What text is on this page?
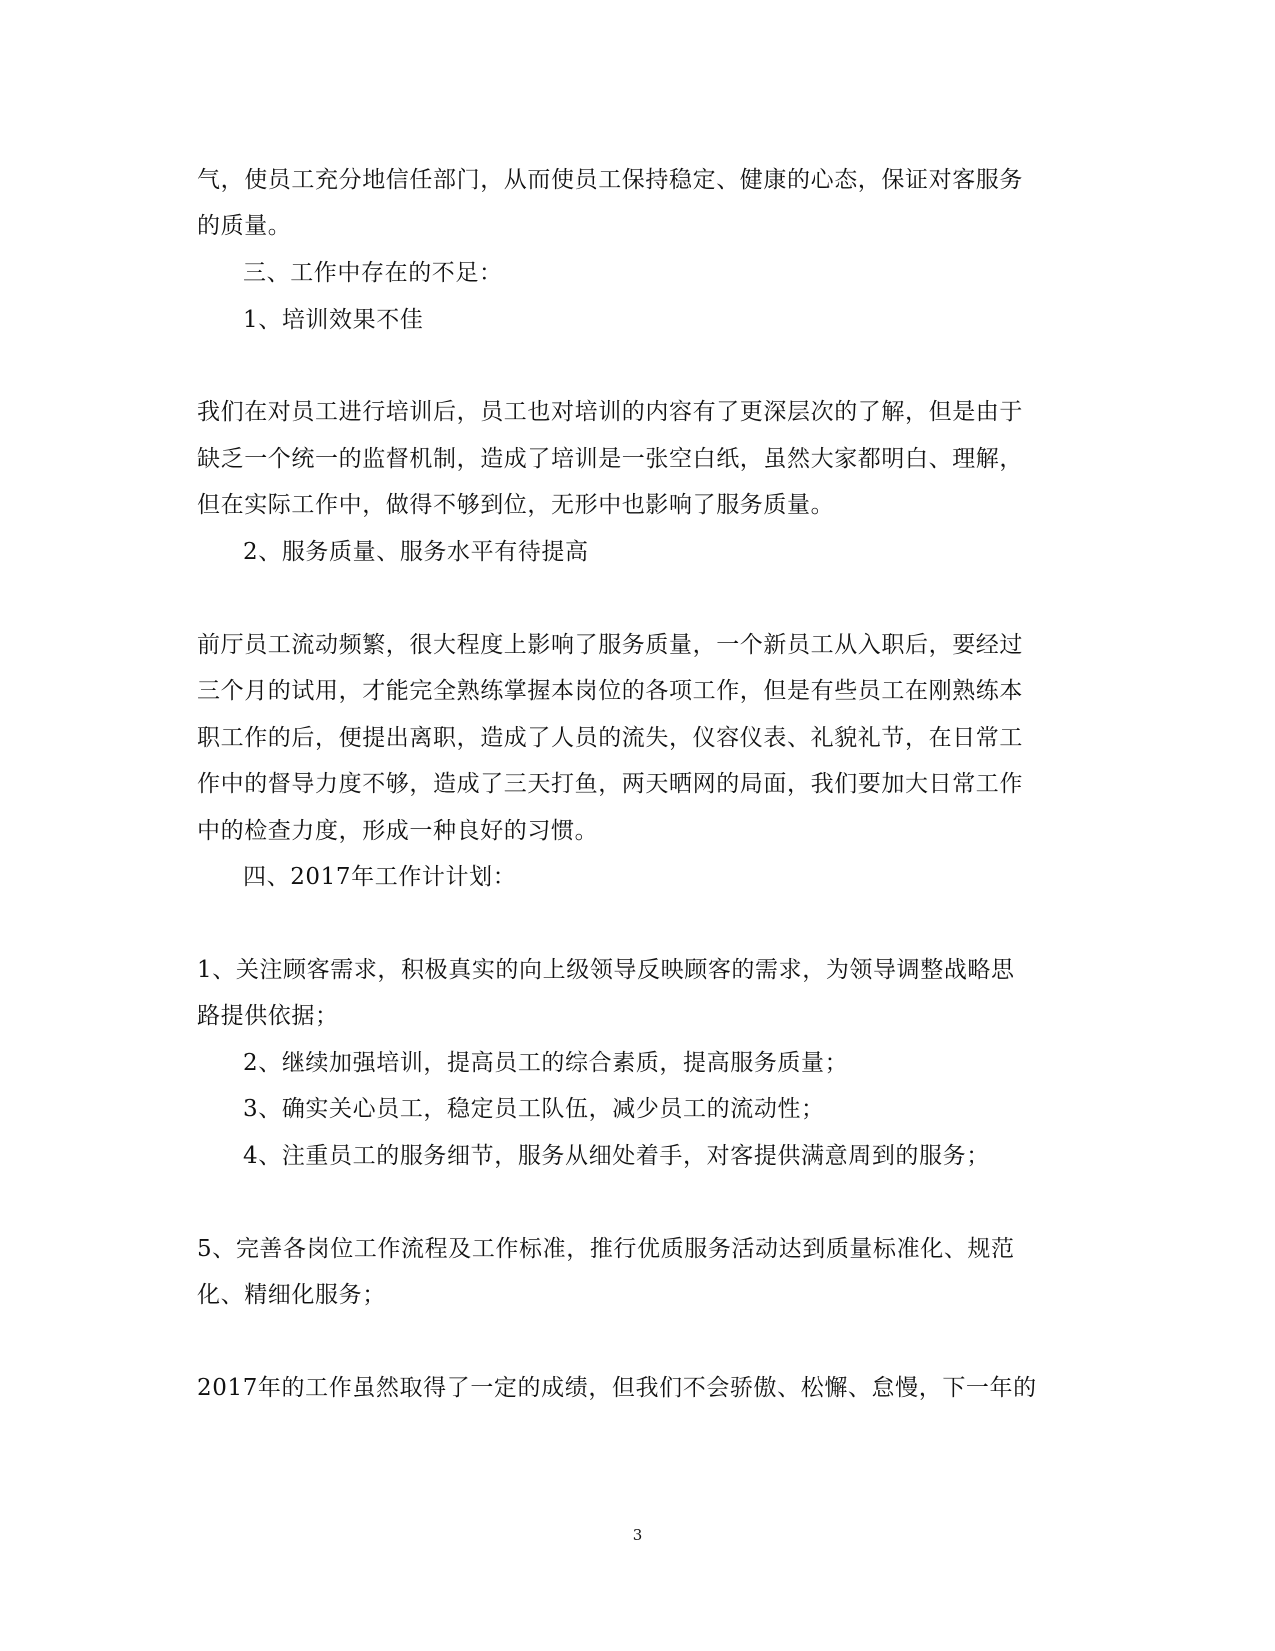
气，使员工充分地信任部门，从而使员工保持稳定、健康的心态，保证对客服务
的质量。
三、工作中存在的不足：
1、培训效果不佳
我们在对员工进行培训后，员工也对培训的内容有了更深层次的了解，但是由于
缺乏一个统一的监督机制，造成了培训是一张空白纸，虽然大家都明白、理解，
但在实际工作中，做得不够到位，无形中也影响了服务质量。
2、服务质量、服务水平有待提高
前厅员工流动频繁，很大程度上影响了服务质量，一个新员工从入职后，要经过
三个月的试用，才能完全熟练掌握本岗位的各项工作，但是有些员工在刚熟练本
职工作的后，便提出离职，造成了人员的流失，仪容仪表、礼貌礼节，在日常工
作中的督导力度不够，造成了三天打鱼，两天晒网的局面，我们要加大日常工作
中的检查力度，形成一种良好的习惯。
四、2017年工作计计划：
1、关注顾客需求，积极真实的向上级领导反映顾客的需求，为领导调整战略思
路提供依据；
2、继续加强培训，提高员工的综合素质，提高服务质量；
3、确实关心员工，稳定员工队伍，减少员工的流动性；
4、注重员工的服务细节，服务从细处着手，对客提供满意周到的服务；
5、完善各岗位工作流程及工作标准，推行优质服务活动达到质量标准化、规范
化、精细化服务；
2017年的工作虽然取得了一定的成绩，但我们不会骄傲、松懈、怠慢，下一年的
3
